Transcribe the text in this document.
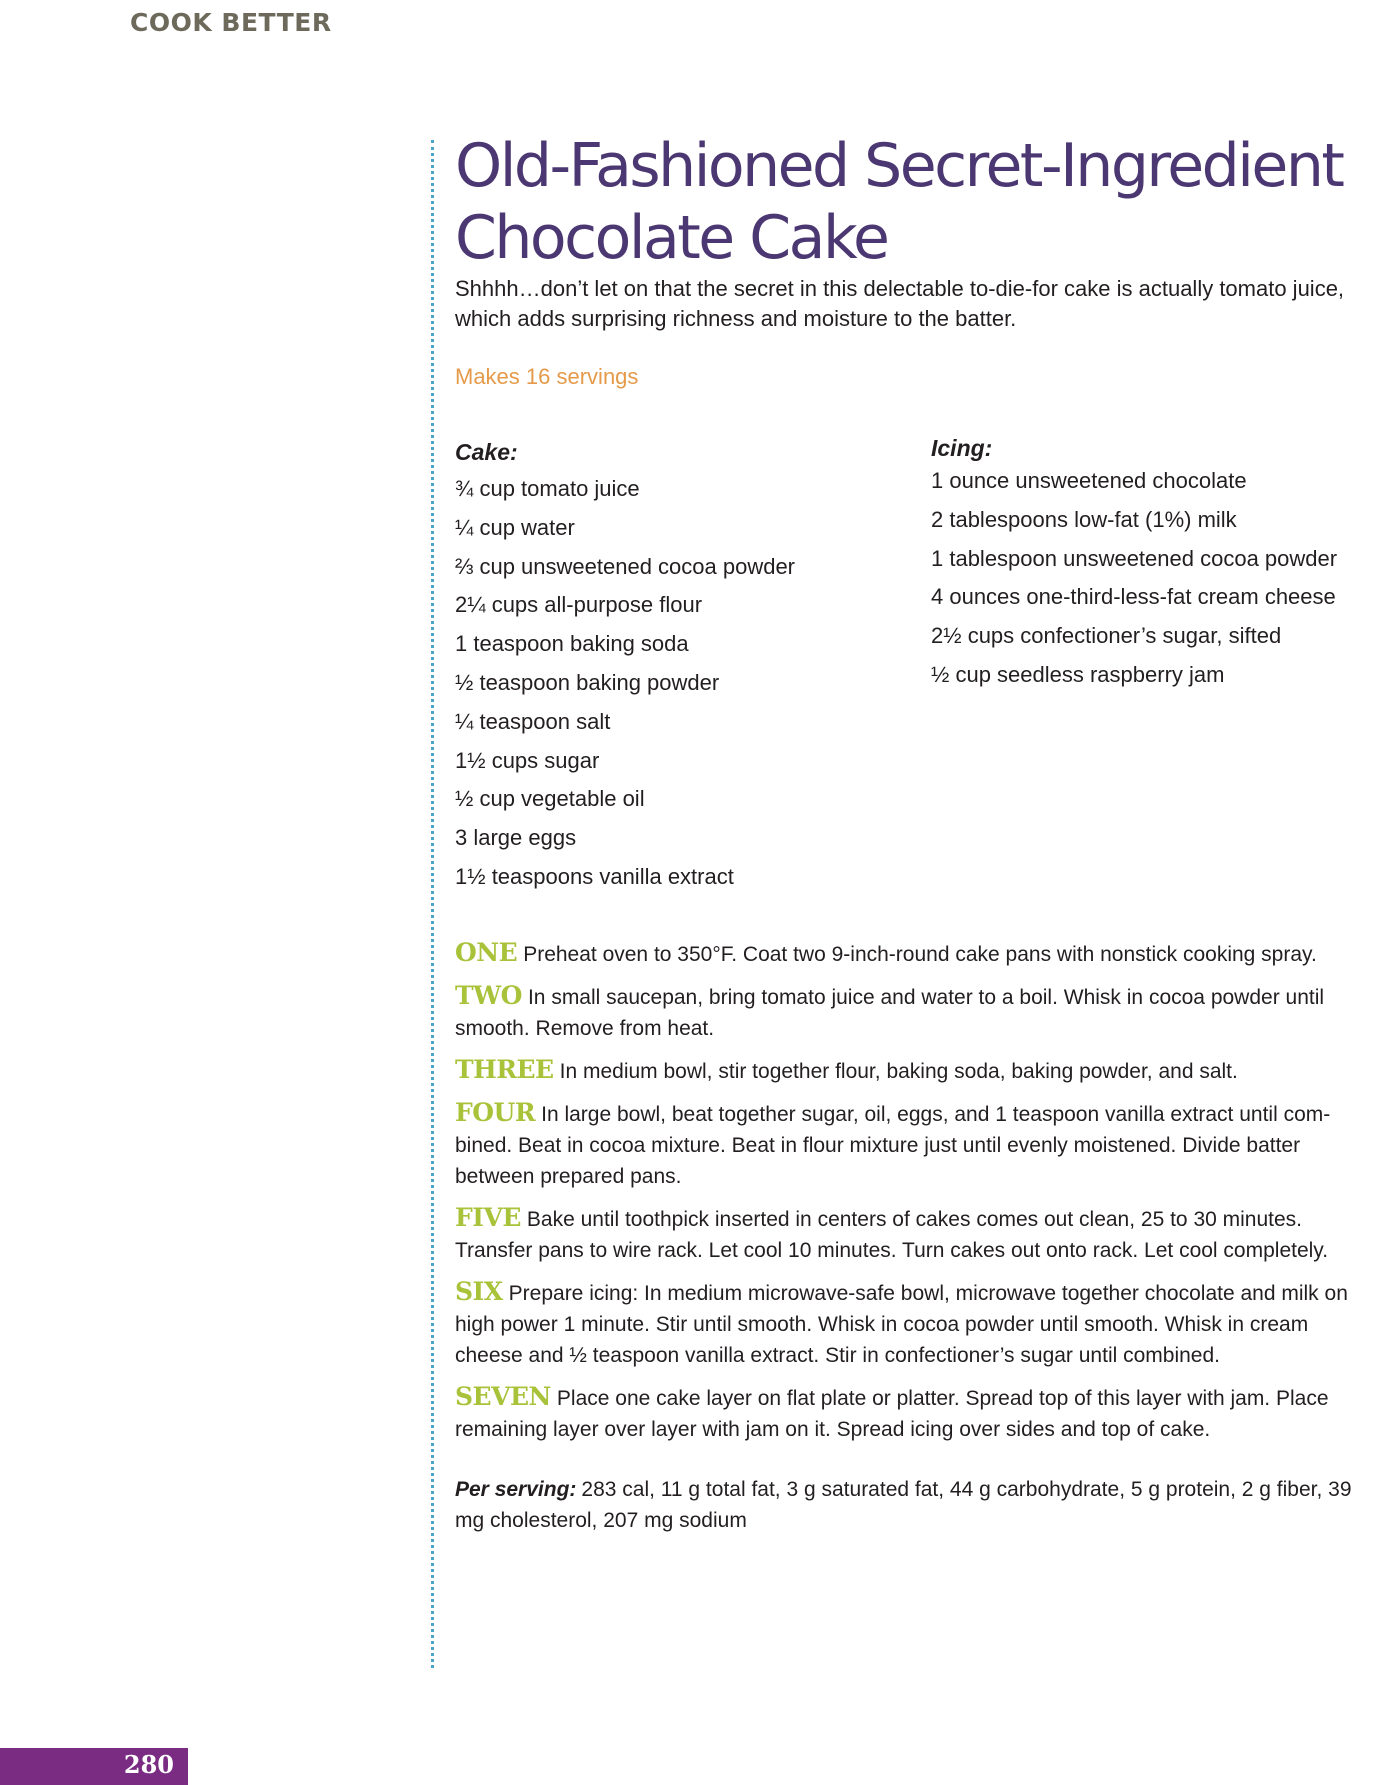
COOK BETTER
Old-Fashioned Secret-Ingredient
Chocolate Cake

Shhhh…don’t let on that the secret in this delectable to-die-for cake is actually tomato juice, which adds surprising richness and moisture to the batter.

Makes 16 servings
Cake:
¾ cup tomato juice
¼ cup water
⅔ cup unsweetened cocoa powder
2¼ cups all-purpose flour
1 teaspoon baking soda
½ teaspoon baking powder
¼ teaspoon salt
1½ cups sugar
½ cup vegetable oil
3 large eggs
1½ teaspoons vanilla extract
Icing:
1 ounce unsweetened chocolate
2 tablespoons low-fat (1%) milk
1 tablespoon unsweetened cocoa powder
4 ounces one-third-less-fat cream cheese
2½ cups confectioner’s sugar, sifted
½ cup seedless raspberry jam

ONE Preheat oven to 350°F. Coat two 9-inch-round cake pans with nonstick cooking spray.

TWO In small saucepan, bring tomato juice and water to a boil. Whisk in cocoa powder until smooth. Remove from heat.

THREE In medium bowl, stir together flour, baking soda, baking powder, and salt.

FOUR In large bowl, beat together sugar, oil, eggs, and 1 teaspoon vanilla extract until com-bined. Beat in cocoa mixture. Beat in flour mixture just until evenly moistened. Divide batter between prepared pans.

FIVE Bake until toothpick inserted in centers of cakes comes out clean, 25 to 30 minutes. Transfer pans to wire rack. Let cool 10 minutes. Turn cakes out onto rack. Let cool completely.

SIX Prepare icing: In medium microwave-safe bowl, microwave together chocolate and milk on high power 1 minute. Stir until smooth. Whisk in cocoa powder until smooth. Whisk in cream cheese and ½ teaspoon vanilla extract. Stir in confectioner’s sugar until combined.

SEVEN Place one cake layer on flat plate or platter. Spread top of this layer with jam. Place remaining layer over layer with jam on it. Spread icing over sides and top of cake.

Per serving: 283 cal, 11 g total fat, 3 g saturated fat, 44 g carbohydrate, 5 g protein, 2 g fiber, 39 mg cholesterol, 207 mg sodium

280
